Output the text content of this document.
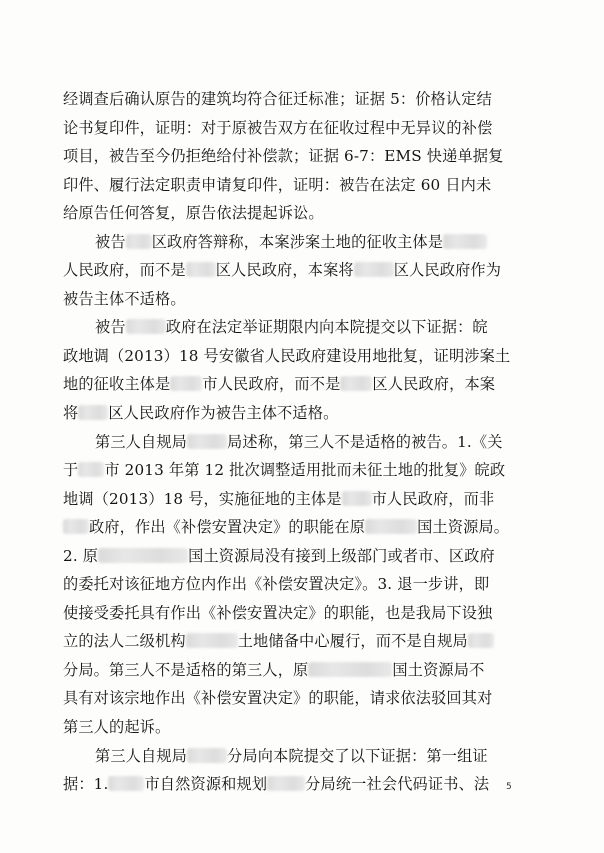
经调查后确认原告的建筑均符合征迁标准；证据 5：价格认定结
论书复印件，证明：对于原被告双方在征收过程中无异议的补偿
项目，被告至今仍拒绝给付补偿款；证据 6-7：EMS 快递单据复
印件、履行法定职责申请复印件，证明：被告在法定 60 日内未
给原告任何答复，原告依法提起诉讼。
被告 区政府答辩称，本案涉案土地的征收主体是
人民政府，而不是 区人民政府，本案将	区人民政府作为
被告主体不适格。
被告	政府在法定举证期限内向本院提交以下证据：皖
政地调（2013）18 号安徽省人民政府建设用地批复，证明涉案土
地的征收主体是 市人民政府，而不是 区人民政府，本案
将 区人民政府作为被告主体不适格。
第三人自规局	局述称，第三人不是适格的被告。1.《关
于 市 2013 年第 12 批次调整适用批而未征土地的批复》皖政
地调（2013）18 号，实施征地的主体是 市人民政府，而非
政府，作出《补偿安置决定》的职能在原	国土资源局。
2. 原	国土资源局没有接到上级部门或者市、区政府
的委托对该征地方位内作出《补偿安置决定》。3. 退一步讲，即
使接受委托具有作出《补偿安置决定》的职能，也是我局下设独
立的法人二级机构	土地储备中心履行，而不是自规局
分局。第三人不是适格的第三人，原	国土资源局不
具有对该宗地作出《补偿安置决定》的职能，请求依法驳回其对
第三人的起诉。
第三人自规局	分局向本院提交了以下证据：第一组证
据：1. 市自然资源和规划	分局统一社会代码证书、法	5
